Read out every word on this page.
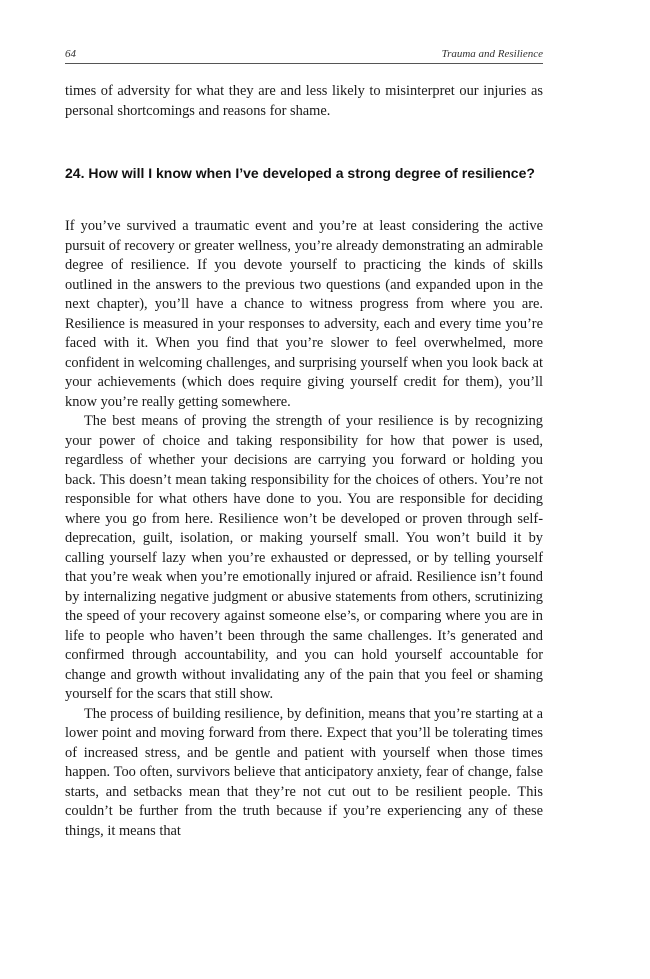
64	Trauma and Resilience

times of adversity for what they are and less likely to misinterpret our injuries as personal shortcomings and reasons for shame.

24. How will I know when I’ve developed a strong degree of resilience?

If you’ve survived a traumatic event and you’re at least considering the active pursuit of recovery or greater wellness, you’re already demonstrating an admirable degree of resilience. If you devote yourself to practicing the kinds of skills outlined in the answers to the previous two questions (and expanded upon in the next chapter), you’ll have a chance to witness progress from where you are. Resilience is measured in your responses to adversity, each and every time you’re faced with it. When you find that you’re slower to feel overwhelmed, more confident in welcoming challenges, and surprising yourself when you look back at your achievements (which does require giving yourself credit for them), you’ll know you’re really getting somewhere.

The best means of proving the strength of your resilience is by recognizing your power of choice and taking responsibility for how that power is used, regardless of whether your decisions are carrying you forward or holding you back. This doesn’t mean taking responsibility for the choices of others. You’re not responsible for what others have done to you. You are responsible for deciding where you go from here. Resilience won’t be developed or proven through self-deprecation, guilt, isolation, or making yourself small. You won’t build it by calling yourself lazy when you’re exhausted or depressed, or by telling yourself that you’re weak when you’re emotionally injured or afraid. Resilience isn’t found by internalizing negative judgment or abusive statements from others, scrutinizing the speed of your recovery against someone else’s, or comparing where you are in life to people who haven’t been through the same challenges. It’s generated and confirmed through accountability, and you can hold yourself accountable for change and growth without invalidating any of the pain that you feel or shaming yourself for the scars that still show.

The process of building resilience, by definition, means that you’re starting at a lower point and moving forward from there. Expect that you’ll be tolerating times of increased stress, and be gentle and patient with yourself when those times happen. Too often, survivors believe that anticipatory anxiety, fear of change, false starts, and setbacks mean that they’re not cut out to be resilient people. This couldn’t be further from the truth because if you’re experiencing any of these things, it means that
